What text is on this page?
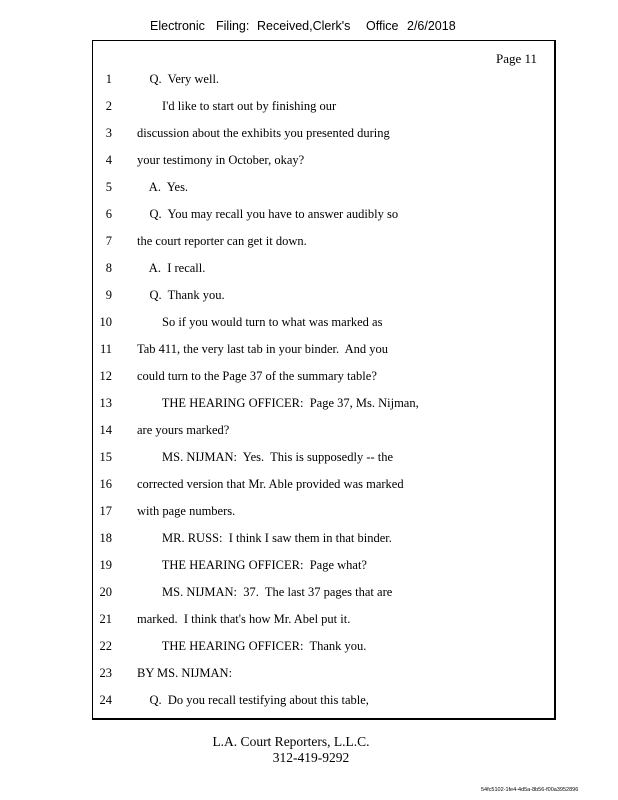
Electronic Filing: Received,Clerk's Office 2/6/2018
Page 11
1 Q.  Very well.
2 I'd like to start out by finishing our
3 discussion about the exhibits you presented during
4 your testimony in October, okay?
5 A.  Yes.
6 Q.  You may recall you have to answer audibly so
7 the court reporter can get it down.
8 A.  I recall.
9 Q.  Thank you.
10 So if you would turn to what was marked as
11 Tab 411, the very last tab in your binder.  And you
12 could turn to the Page 37 of the summary table?
13 THE HEARING OFFICER:  Page 37, Ms. Nijman,
14 are yours marked?
15 MS. NIJMAN:  Yes.  This is supposedly -- the
16 corrected version that Mr. Able provided was marked
17 with page numbers.
18 MR. RUSS:  I think I saw them in that binder.
19 THE HEARING OFFICER:  Page what?
20 MS. NIJMAN:  37.  The last 37 pages that are
21 marked.  I think that's how Mr. Abel put it.
22 THE HEARING OFFICER:  Thank you.
23 BY MS. NIJMAN:
24 Q.  Do you recall testifying about this table,
L.A. Court Reporters, L.L.C.
312-419-9292
54fc5102-1fe4-4d5a-8b56-f00a3952896
